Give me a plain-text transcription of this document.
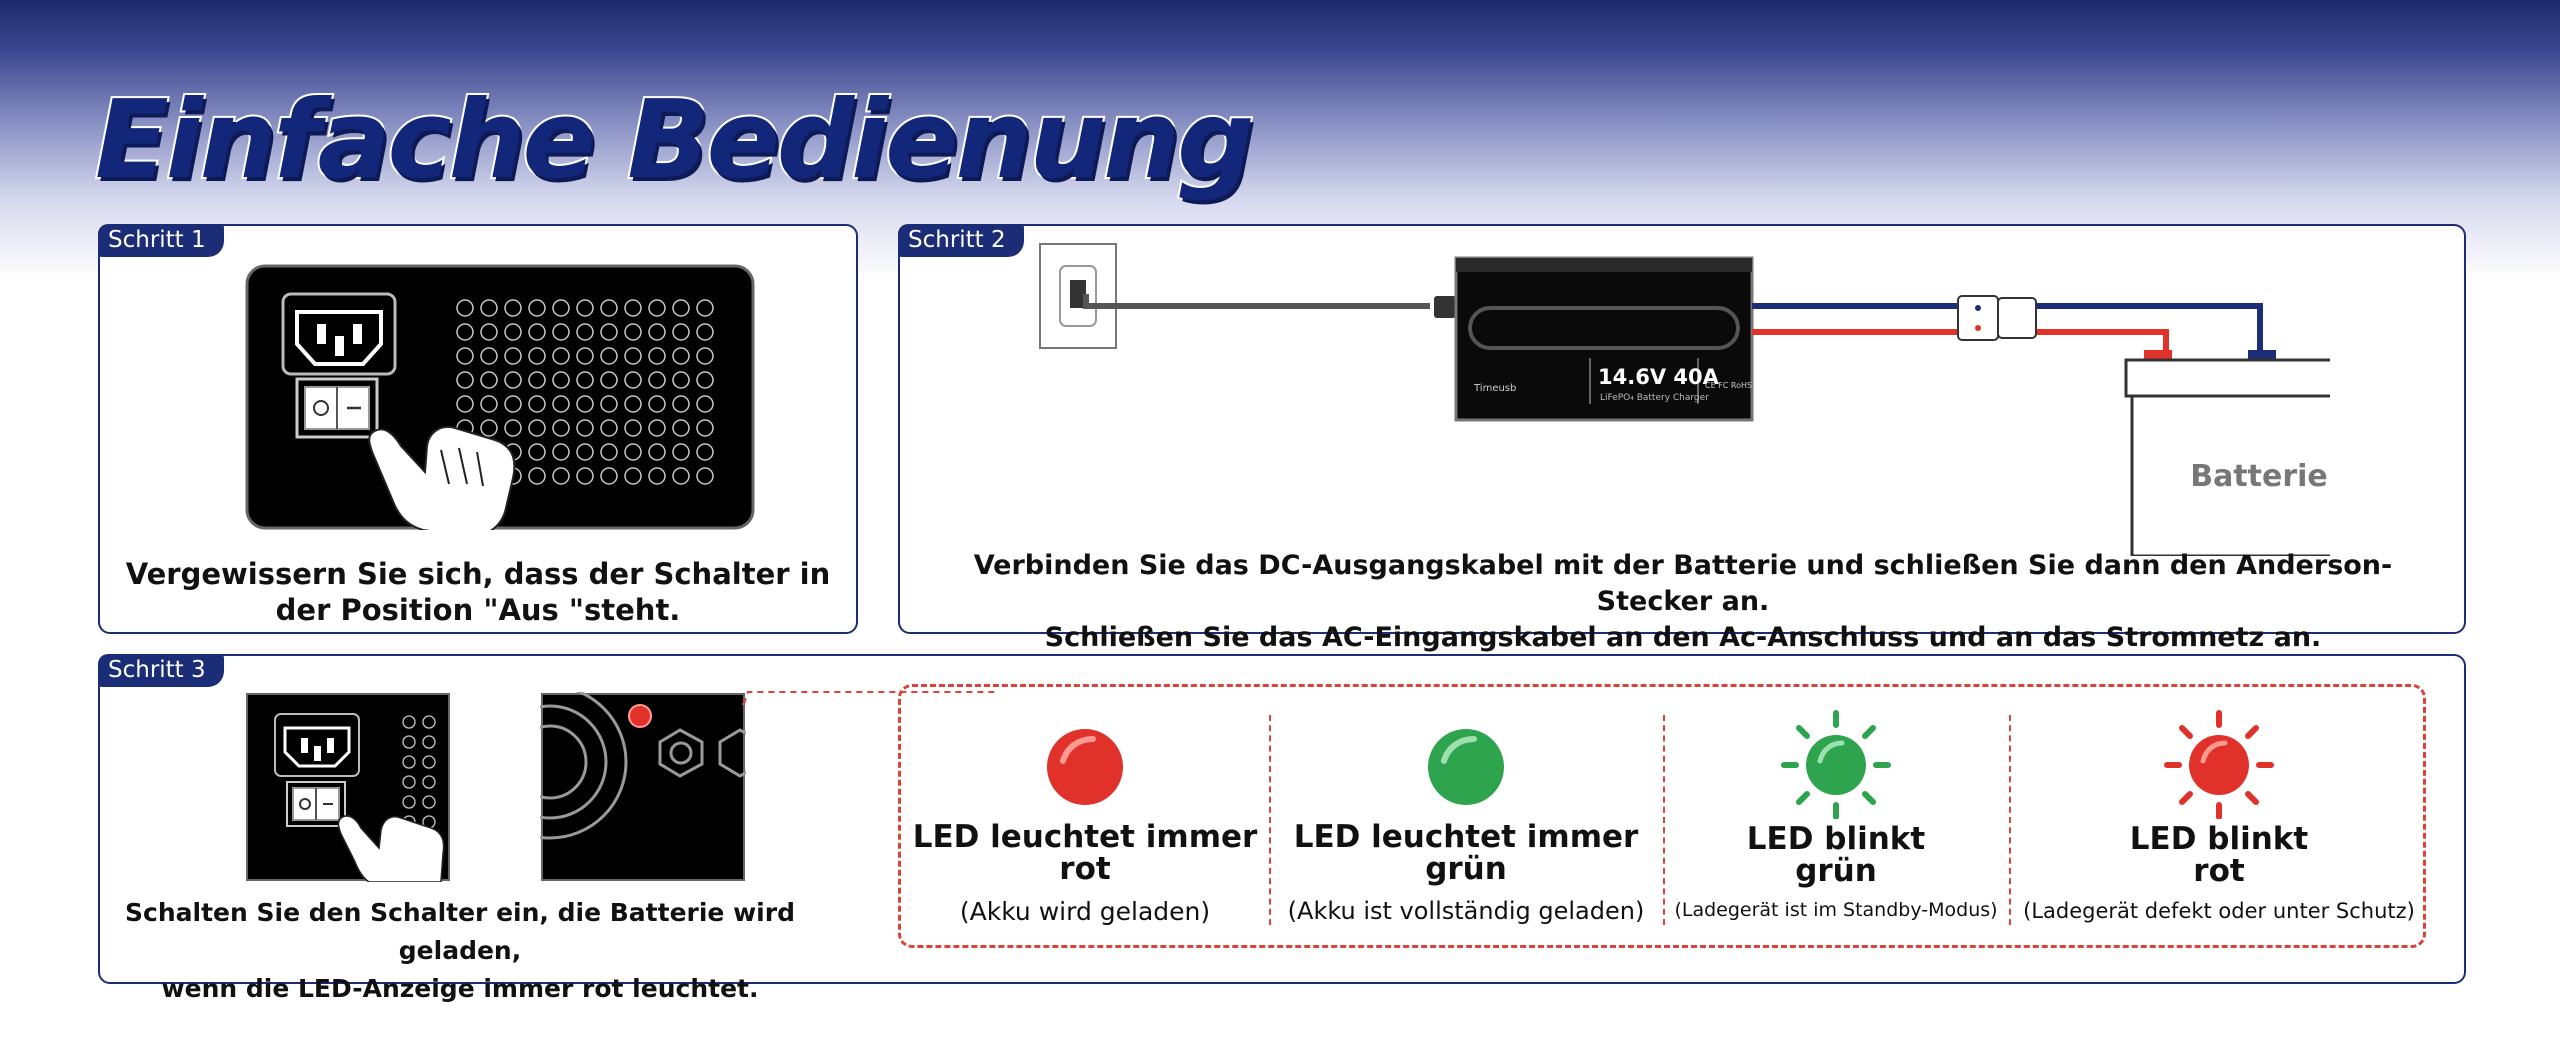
Einfache Bedienung
Schritt 1
Vergewissern Sie sich, dass der Schalter in
der Position "Aus "steht.
Schritt 2
Timeusb	14.6V 40A
LiFePO₄ Battery Charger
CE FC RoHS
Batterie
Verbinden Sie das DC-Ausgangskabel mit der Batterie und schließen Sie dann den Anderson-Stecker an.
Schließen Sie das AC-Eingangskabel an den Ac-Anschluss und an das Stromnetz an.
Schritt 3
Schalten Sie den Schalter ein, die Batterie wird geladen,
wenn die LED-Anzeige immer rot leuchtet.
LED leuchtet immer
rot
(Akku wird geladen)
LED leuchtet immer
grün
(Akku ist vollständig geladen)
LED blinkt
grün
(Ladegerät ist im Standby-Modus)
LED blinkt
rot
(Ladegerät defekt oder unter Schutz)
